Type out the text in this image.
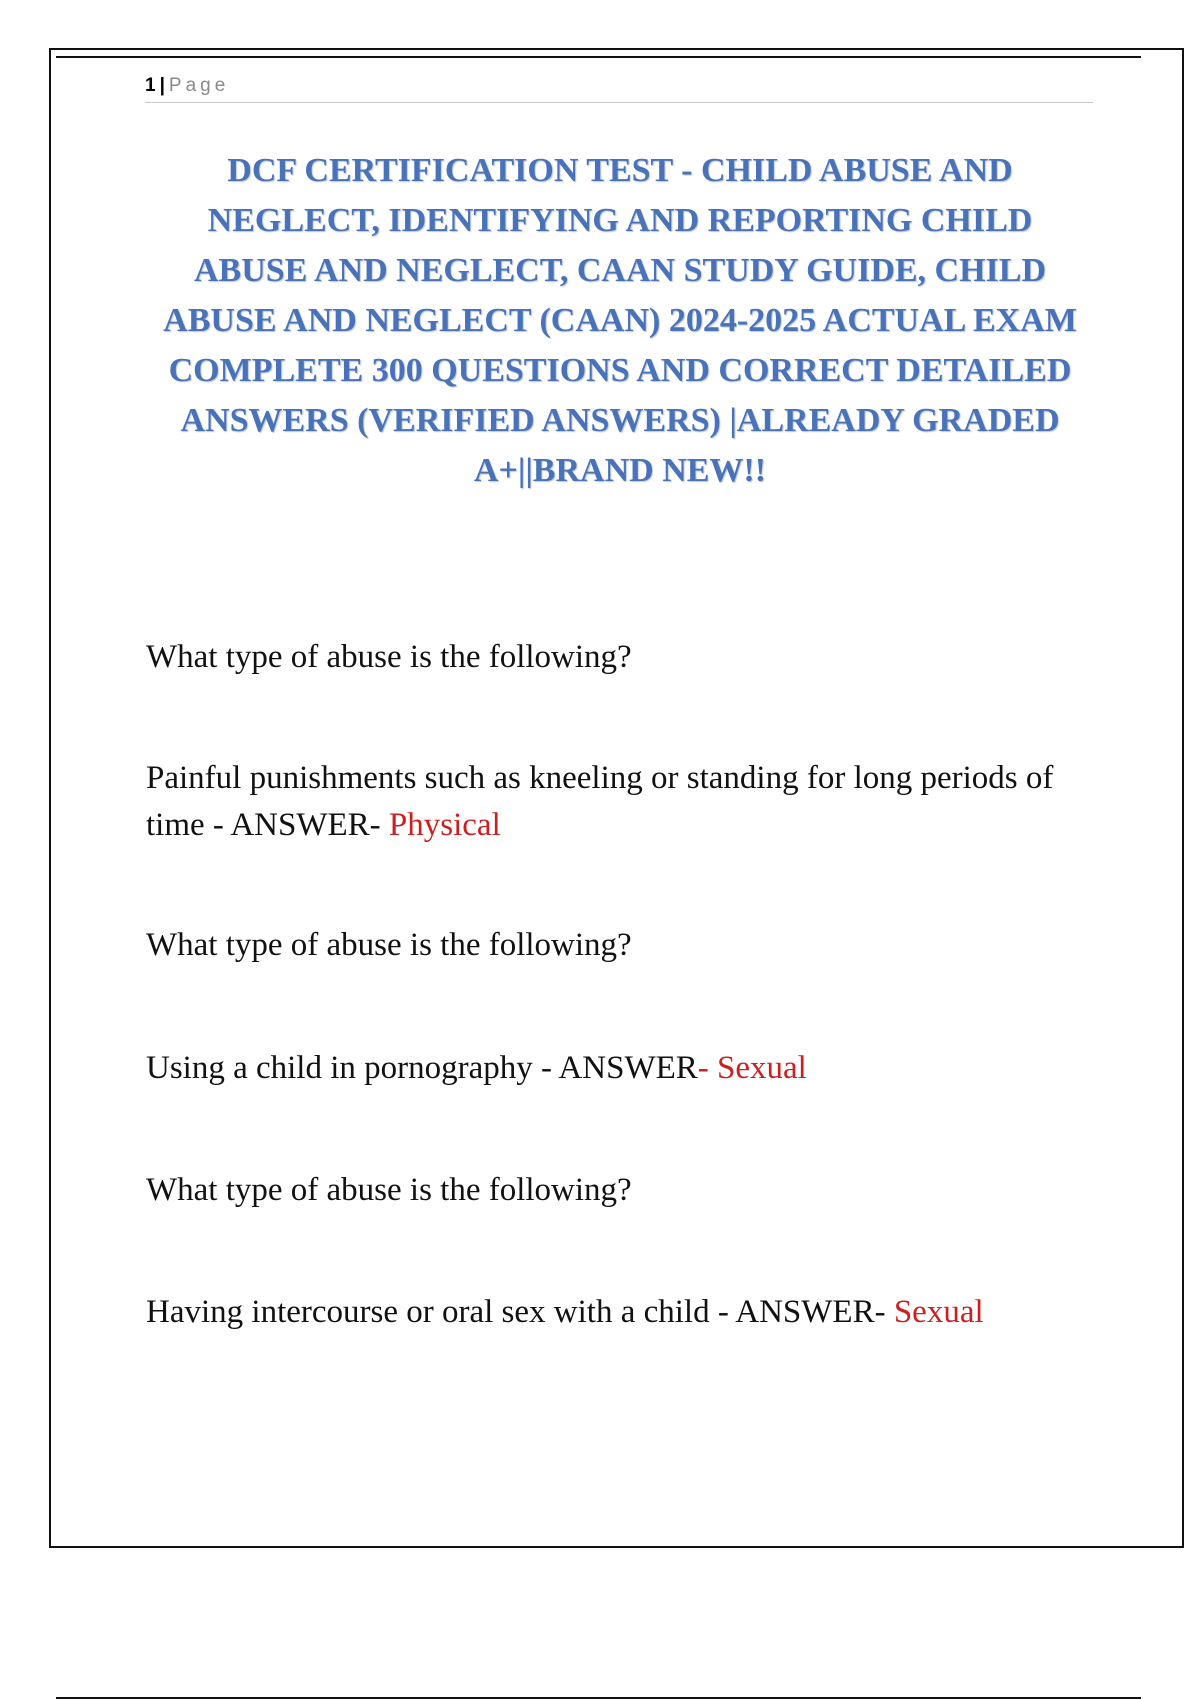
1 | Page
DCF CERTIFICATION TEST - CHILD ABUSE AND NEGLECT, IDENTIFYING AND REPORTING CHILD ABUSE AND NEGLECT, CAAN STUDY GUIDE, CHILD ABUSE AND NEGLECT (CAAN) 2024-2025 ACTUAL EXAM COMPLETE 300 QUESTIONS AND CORRECT DETAILED ANSWERS (VERIFIED ANSWERS) |ALREADY GRADED A+||BRAND NEW!!
What type of abuse is the following?
Painful punishments such as kneeling or standing for long periods of time - ANSWER- Physical
What type of abuse is the following?
Using a child in pornography - ANSWER- Sexual
What type of abuse is the following?
Having intercourse or oral sex with a child - ANSWER- Sexual
